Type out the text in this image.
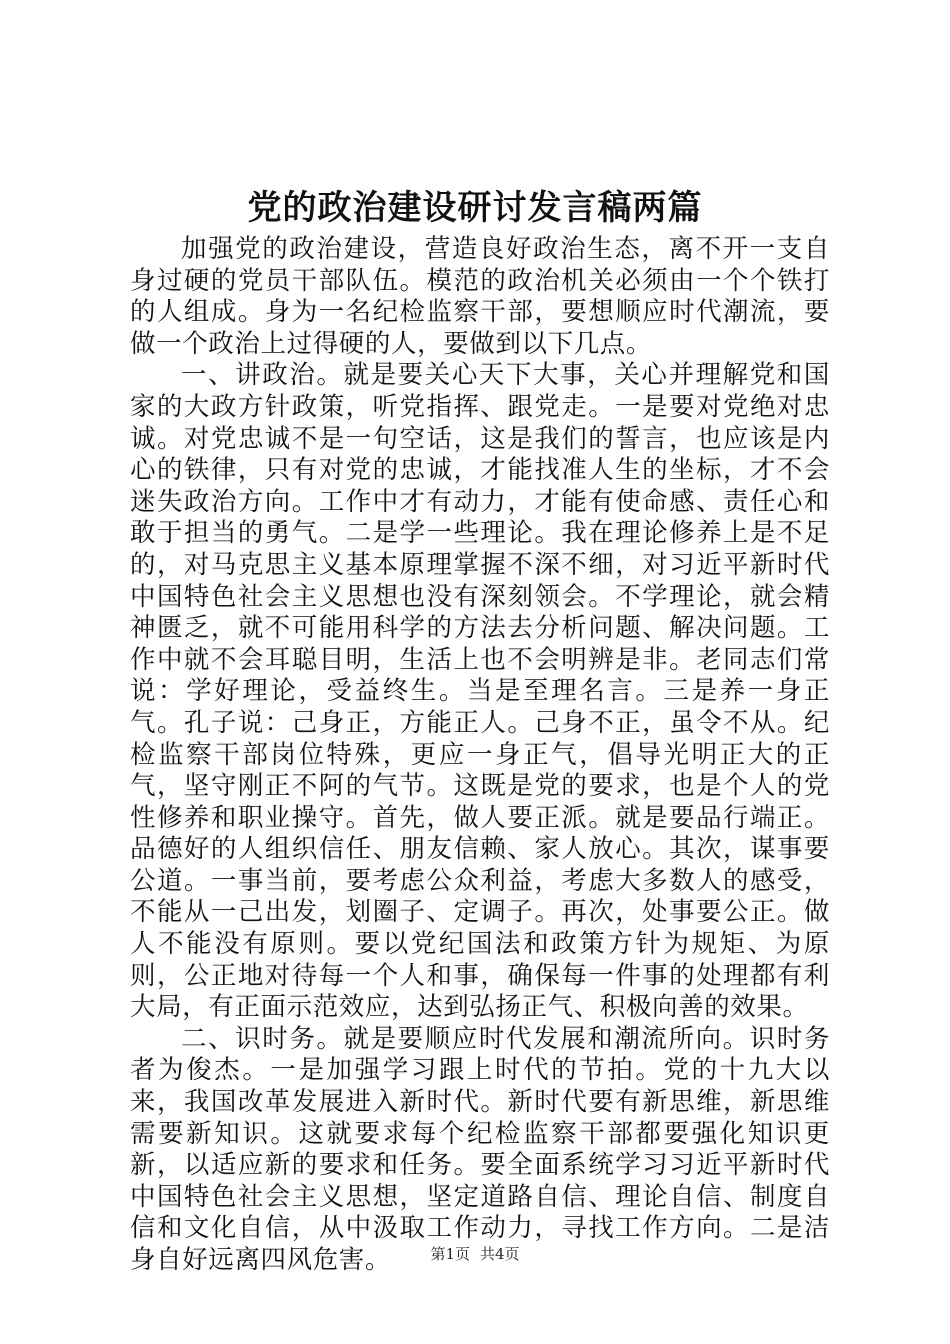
党的政治建设研讨发言稿两篇

加强党的政治建设，营造良好政治生态，离不开一支自身过硬的党员干部队伍。模范的政治机关必须由一个个铁打的人组成。身为一名纪检监察干部，要想顺应时代潮流，要做一个政治上过得硬的人，要做到以下几点。

一、讲政治。就是要关心天下大事，关心并理解党和国家的大政方针政策，听党指挥、跟党走。一是要对党绝对忠诚。对党忠诚不是一句空话，这是我们的誓言，也应该是内心的铁律，只有对党的忠诚，才能找准人生的坐标，才不会迷失政治方向。工作中才有动力，才能有使命感、责任心和敢于担当的勇气。二是学一些理论。我在理论修养上是不足的，对马克思主义基本原理掌握不深不细，对习近平新时代中国特色社会主义思想也没有深刻领会。不学理论，就会精神匮乏，就不可能用科学的方法去分析问题、解决问题。工作中就不会耳聪目明，生活上也不会明辨是非。老同志们常说：学好理论，受益终生。当是至理名言。三是养一身正气。孔子说：己身正，方能正人。己身不正，虽令不从。纪检监察干部岗位特殊，更应一身正气，倡导光明正大的正气，坚守刚正不阿的气节。这既是党的要求，也是个人的党性修养和职业操守。首先，做人要正派。就是要品行端正。品德好的人组织信任、朋友信赖、家人放心。其次，谋事要公道。一事当前，要考虑公众利益，考虑大多数人的感受，不能从一己出发，划圈子、定调子。再次，处事要公正。做人不能没有原则。要以党纪国法和政策方针为规矩、为原则，公正地对待每一个人和事，确保每一件事的处理都有利大局，有正面示范效应，达到弘扬正气、积极向善的效果。

二、识时务。就是要顺应时代发展和潮流所向。识时务者为俊杰。一是加强学习跟上时代的节拍。党的十九大以来，我国改革发展进入新时代。新时代要有新思维，新思维需要新知识。这就要求每个纪检监察干部都要强化知识更新，以适应新的要求和任务。要全面系统学习习近平新时代中国特色社会主义思想，坚定道路自信、理论自信、制度自信和文化自信，从中汲取工作动力，寻找工作方向。二是洁身自好远离四风危害。	第1页 共4页
